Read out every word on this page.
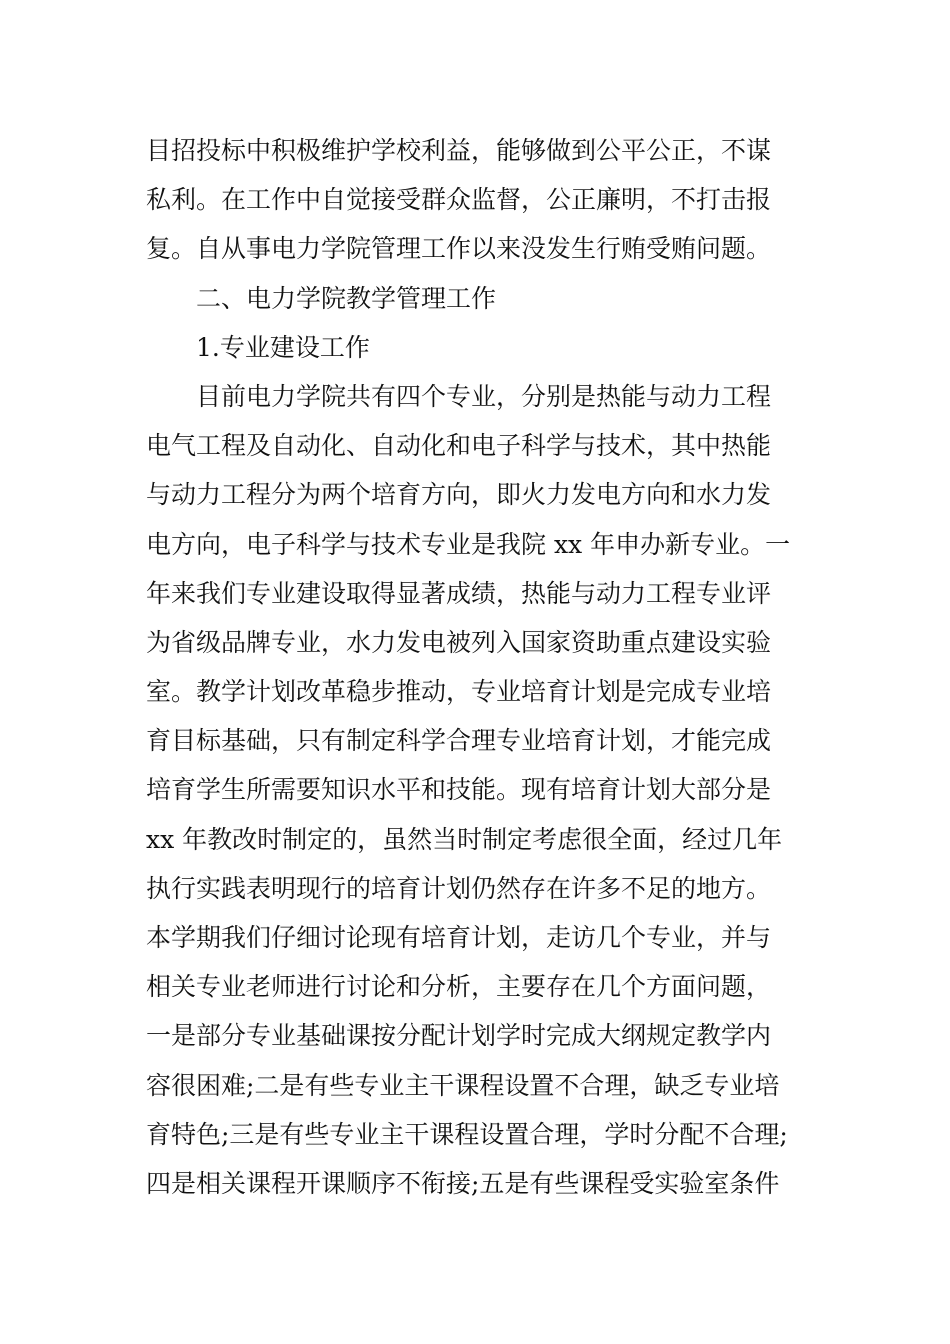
目招投标中积极维护学校利益，能够做到公平公正，不谋
私利。在工作中自觉接受群众监督，公正廉明，不打击报
复。自从事电力学院管理工作以来没发生行贿受贿问题。
二、电力学院教学管理工作
1.专业建设工作
目前电力学院共有四个专业，分别是热能与动力工程
电气工程及自动化、自动化和电子科学与技术，其中热能
与动力工程分为两个培育方向，即火力发电方向和水力发
电方向，电子科学与技术专业是我院 xx 年申办新专业。一
年来我们专业建设取得显著成绩，热能与动力工程专业评
为省级品牌专业，水力发电被列入国家资助重点建设实验
室。教学计划改革稳步推动，专业培育计划是完成专业培
育目标基础，只有制定科学合理专业培育计划，才能完成
培育学生所需要知识水平和技能。现有培育计划大部分是
xx 年教改时制定的，虽然当时制定考虑很全面，经过几年
执行实践表明现行的培育计划仍然存在许多不足的地方。
本学期我们仔细讨论现有培育计划，走访几个专业，并与
相关专业老师进行讨论和分析，主要存在几个方面问题，
一是部分专业基础课按分配计划学时完成大纲规定教学内
容很困难;二是有些专业主干课程设置不合理，缺乏专业培
育特色;三是有些专业主干课程设置合理，学时分配不合理;
四是相关课程开课顺序不衔接;五是有些课程受实验室条件
